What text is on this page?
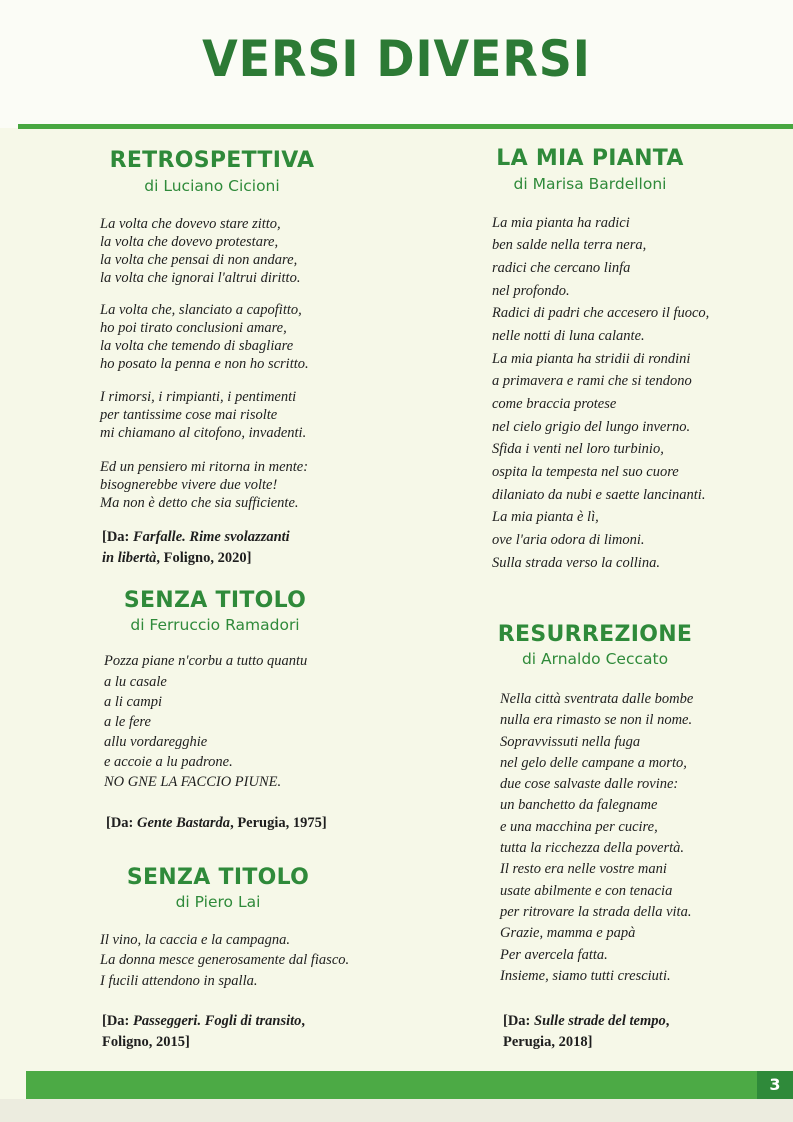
VERSI DIVERSI
RETROSPETTIVA
di Luciano Cicioni
La volta che dovevo stare zitto,
la volta che dovevo protestare,
la volta che pensai di non andare,
la volta che ignorai l'altrui diritto.
La volta che, slanciato a capofitto,
ho poi tirato conclusioni amare,
la volta che temendo di sbagliare
ho posato la penna e non ho scritto.
I rimorsi, i rimpianti, i pentimenti
per tantissime cose mai risolte
mi chiamano al citofono, invadenti.
Ed un pensiero mi ritorna in mente:
bisognerebbe vivere due volte!
Ma non è detto che sia sufficiente.
[Da: Farfalle. Rime svolazzanti
in libertà, Foligno, 2020]
SENZA TITOLO
di Ferruccio Ramadori
Pozza piane n'corbu a tutto quantu
a lu casale
a li campi
a le fere
allu vordaregghie
e accoie a lu padrone.
NO GNE LA FACCIO PIUNE.
[Da: Gente Bastarda, Perugia, 1975]
SENZA TITOLO
di Piero Lai
Il vino, la caccia e la campagna.
La donna mesce generosamente dal fiasco.
I fucili attendono in spalla.
[Da: Passeggeri. Fogli di transito,
Foligno, 2015]
LA MIA PIANTA
di Marisa Bardelloni
La mia pianta ha radici
ben salde nella terra nera,
radici che cercano linfa
nel profondo.
Radici di padri che accesero il fuoco,
nelle notti di luna calante.
La mia pianta ha stridii di rondini
a primavera e rami che si tendono
come braccia protese
nel cielo grigio del lungo inverno.
Sfida i venti nel loro turbinio,
ospita la tempesta nel suo cuore
dilaniato da nubi e saette lancinanti.
La mia pianta è lì,
ove l'aria odora di limoni.
Sulla strada verso la collina.
RESURREZIONE
di Arnaldo Ceccato
Nella città sventrata dalle bombe
nulla era rimasto se non il nome.
Sopravvissuti nella fuga
nel gelo delle campane a morto,
due cose salvaste dalle rovine:
un banchetto da falegname
e una macchina per cucire,
tutta la ricchezza della povertà.
Il resto era nelle vostre mani
usate abilmente e con tenacia
per ritrovare la strada della vita.
Grazie, mamma e papà
Per avercela fatta.
Insieme, siamo tutti cresciuti.
[Da: Sulle strade del tempo,
Perugia, 2018]
3
